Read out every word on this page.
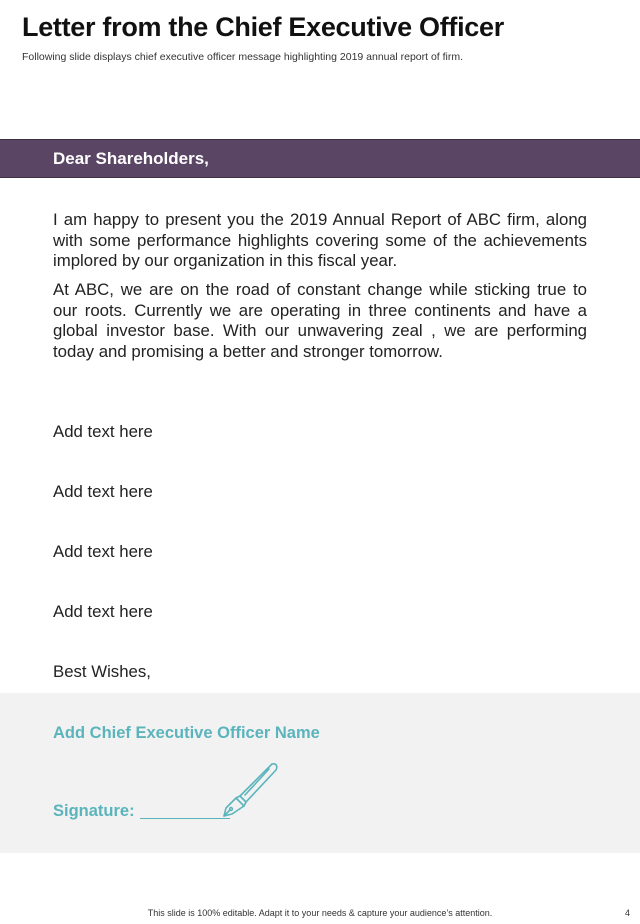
Letter from the Chief Executive Officer
Following slide displays chief executive officer message highlighting 2019 annual report of firm.
Dear Shareholders,
I am happy to present you the 2019 Annual Report of ABC firm, along with some performance highlights covering some of the achievements implored by our organization in this fiscal year.
At ABC, we are on the road of constant change while sticking true to our roots. Currently we are operating in three continents and have a global investor base. With our unwavering zeal , we are performing today and promising a better and stronger tomorrow.
Add text here
Add text here
Add text here
Add text here
Best Wishes,
Add Chief Executive Officer Name
Signature:
This slide is 100% editable. Adapt it to your needs & capture your audience’s attention.	4
